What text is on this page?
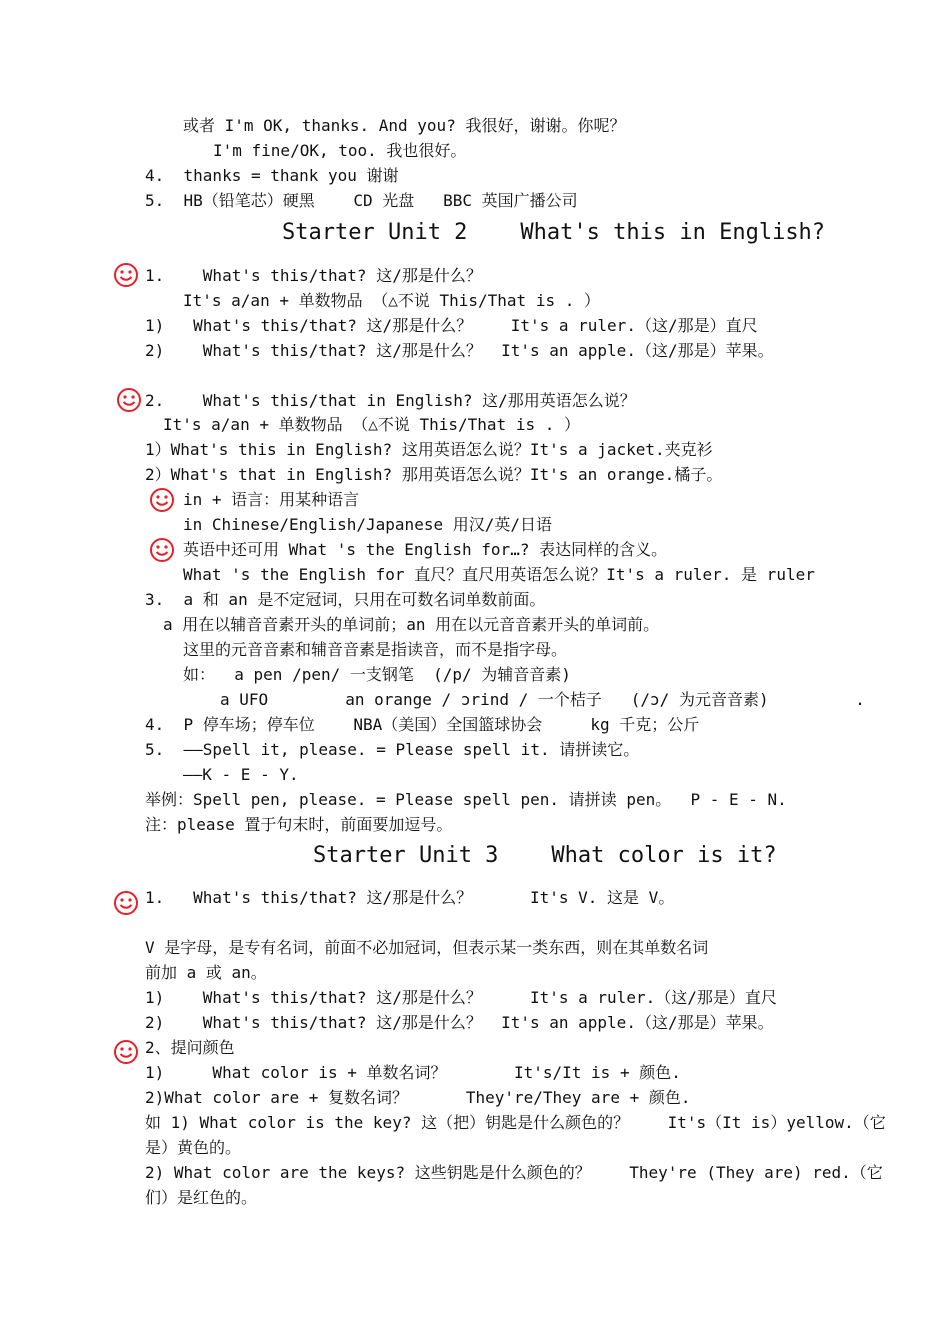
或者 I'm OK, thanks. And you? 我很好，谢谢。你呢？
I'm fine/OK, too. 我也很好。
4.  thanks = thank you 谢谢
5.  HB（铅笔芯）硬黑    CD 光盘   BBC 英国广播公司
Starter Unit 2    What's this in English?
1.    What's this/that? 这/那是什么？
It's a/an + 单数物品 （△不说 This/That is . ）
1)   What's this/that? 这/那是什么？    It's a ruler.（这/那是）直尺
2)    What's this/that? 这/那是什么？  It's an apple.（这/那是）苹果。
2.    What's this/that in English? 这/那用英语怎么说？
It's a/an + 单数物品 （△不说 This/That is . ）
1）What's this in English? 这用英语怎么说？It's a jacket.夹克衫
2）What's that in English? 那用英语怎么说？It's an orange.橘子。
in + 语言：用某种语言
in Chinese/English/Japanese 用汉/英/日语
英语中还可用 What 's the English for…? 表达同样的含义。
What 's the English for 直尺？直尺用英语怎么说？It's a ruler. 是 ruler
3.  a 和 an 是不定冠词，只用在可数名词单数前面。
a 用在以辅音音素开头的单词前；an 用在以元音音素开头的单词前。
这里的元音音素和辅音音素是指读音，而不是指字母。
如：  a pen /pen/ 一支钢笔  (/p/ 为辅音音素)
a UFO        an orange / ɔrind / 一个桔子   (/ɔ/ 为元音音素)         .
4.  P 停车场；停车位    NBA（美国）全国篮球协会     kg 千克；公斤
5.  ——Spell it, please. = Please spell it. 请拼读它。
——K - E - Y.
举例：Spell pen, please. = Please spell pen. 请拼读 pen。  P - E - N.
注：please 置于句末时，前面要加逗号。
Starter Unit 3    What color is it?
1.   What's this/that? 这/那是什么？      It's V. 这是 V。
V 是字母，是专有名词，前面不必加冠词，但表示某一类东西，则在其单数名词
前加 a 或 an。
1)    What's this/that? 这/那是什么？     It's a ruler.（这/那是）直尺
2)    What's this/that? 这/那是什么？  It's an apple.（这/那是）苹果。
2、提问颜色
1)     What color is + 单数名词？       It's/It is + 颜色.
2)What color are + 复数名词？      They're/They are + 颜色.
如 1) What color is the key? 这（把）钥匙是什么颜色的？    It's（It is）yellow.（它
是）黄色的。
2) What color are the keys? 这些钥匙是什么颜色的？    They're (They are) red.（它
们）是红色的。
